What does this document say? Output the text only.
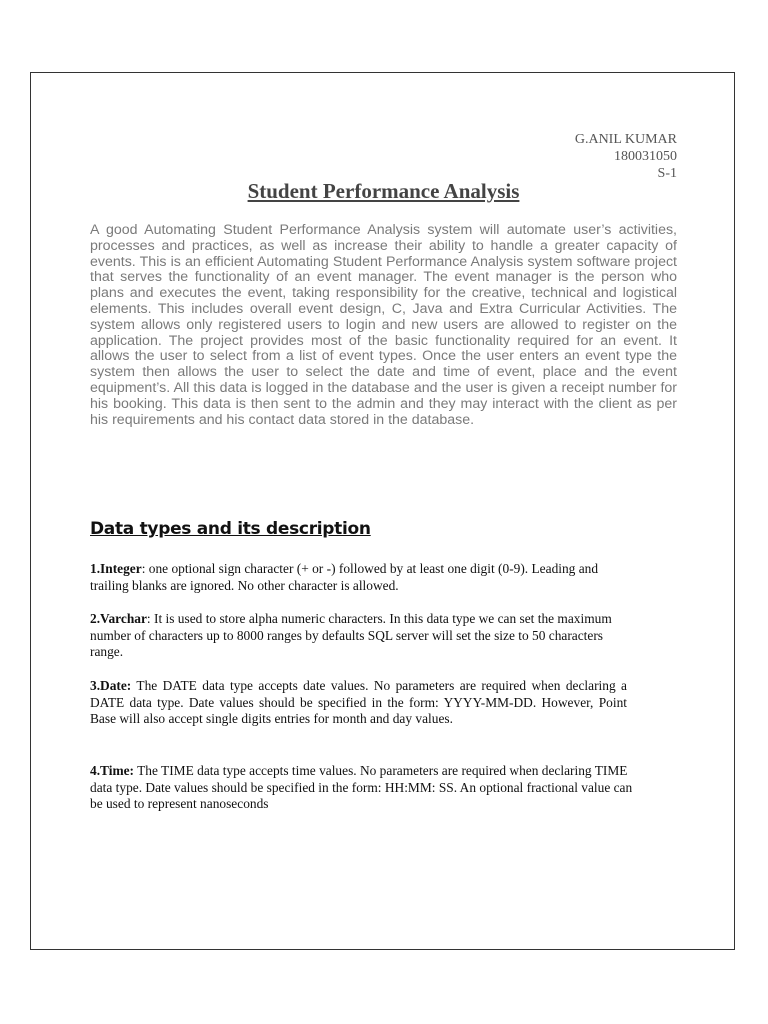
G.ANIL KUMAR
180031050
S-1
Student Performance Analysis

A good Automating Student Performance Analysis system will automate user’s activities, processes and practices, as well as increase their ability to handle a greater capacity of events. This is an efficient Automating Student Performance Analysis system software project that serves the functionality of an event manager. The event manager is the person who plans and executes the event, taking responsibility for the creative, technical and logistical elements. This includes overall event design, C, Java and Extra Curricular Activities. The system allows only registered users to login and new users are allowed to register on the application. The project provides most of the basic functionality required for an event. It allows the user to select from a list of event types. Once the user enters an event type the system then allows the user to select the date and time of event, place and the event equipment’s. All this data is logged in the database and the user is given a receipt number for his booking. This data is then sent to the admin and they may interact with the client as per his requirements and his contact data stored in the database.

Data types and its description

1.Integer: one optional sign character (+ or -) followed by at least one digit (0-9). Leading and trailing blanks are ignored. No other character is allowed.

2.Varchar: It is used to store alpha numeric characters. In this data type we can set the maximum number of characters up to 8000 ranges by defaults SQL server will set the size to 50 characters range.

3.Date: The DATE data type accepts date values. No parameters are required when declaring a DATE data type. Date values should be specified in the form: YYYY-MM-DD. However, Point Base will also accept single digits entries for month and day values.

4.Time: The TIME data type accepts time values. No parameters are required when declaring TIME data type. Date values should be specified in the form: HH:MM: SS. An optional fractional value can be used to represent nanoseconds
